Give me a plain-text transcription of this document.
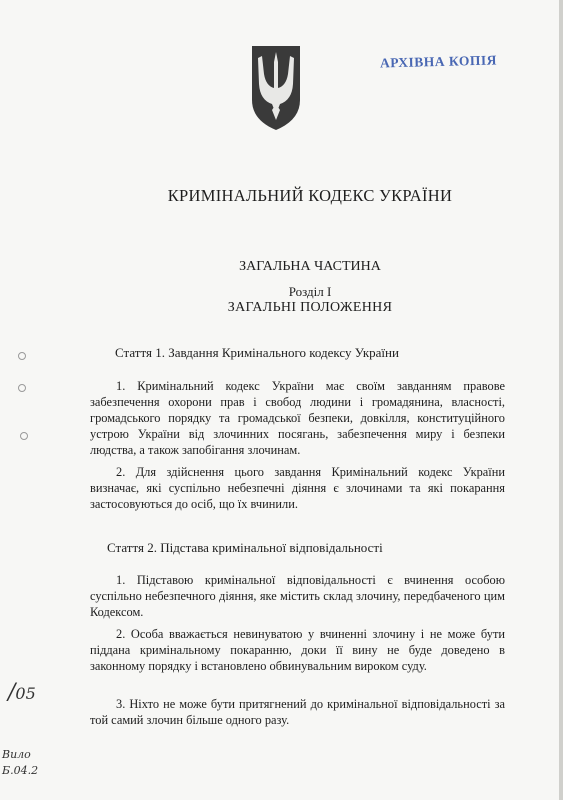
АРХІВНА КОПІЯ
КРИМІНАЛЬНИЙ КОДЕКС УКРАЇНИ
ЗАГАЛЬНА ЧАСТИНА
Розділ I
ЗАГАЛЬНІ ПОЛОЖЕННЯ
Стаття 1. Завдання Кримінального кодексу України
1. Кримінальний кодекс України має своїм завданням правове забезпечення охорони прав і свобод людини і громадянина, власності, громадського порядку та громадської безпеки, довкілля, конституційного устрою України від злочинних посягань, забезпечення миру і безпеки людства, а також запобігання злочинам.
2. Для здійснення цього завдання Кримінальний кодекс України визначає, які суспільно небезпечні діяння є злочинами та які покарання застосовуються до осіб, що їх вчинили.
Стаття 2. Підстава кримінальної відповідальності
1. Підставою кримінальної відповідальності є вчинення особою суспільно небезпечного діяння, яке містить склад злочину, передбаченого цим Кодексом.
2. Особа вважається невинуватою у вчиненні злочину і не може бути піддана кримінальному покаранню, доки її вину не буде доведено в законному порядку і встановлено обвинувальним вироком суду.
3. Ніхто не може бути притягнений до кримінальної відповідальності за той самий злочин більше одного разу.
/05
Вило
Б.04.2
